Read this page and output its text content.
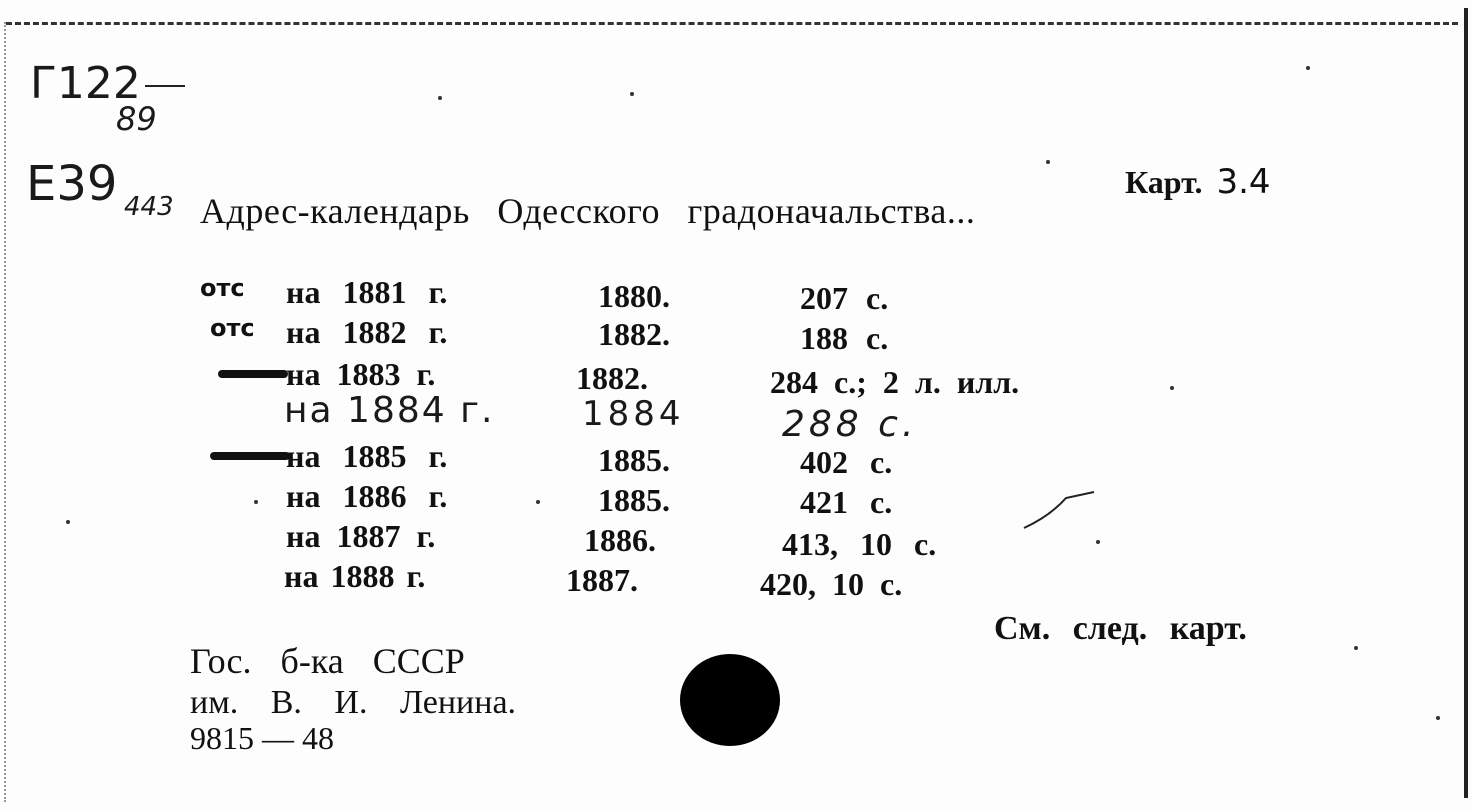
Г122
89
Е39 443 Адрес-календарь Одесского градоначальства...
Карт. 3.4
отс на 1881 г.	1880.	207 с.
отс на 1882 г.	1882.	188 с.
на 1883 г.	1882.	284 с.; 2 л. илл.
на 1884 г.	1884	288 с.
на 1885 г.	1885.	402 с.
на 1886 г.	1885.	421 с.
на 1887 г.	1886.	413, 10 с.
на 1888 г.	1887.	420, 10 с.
См. след. карт.
Гос. б-ка СССР
им. В. И. Ленина.
9815 — 48
